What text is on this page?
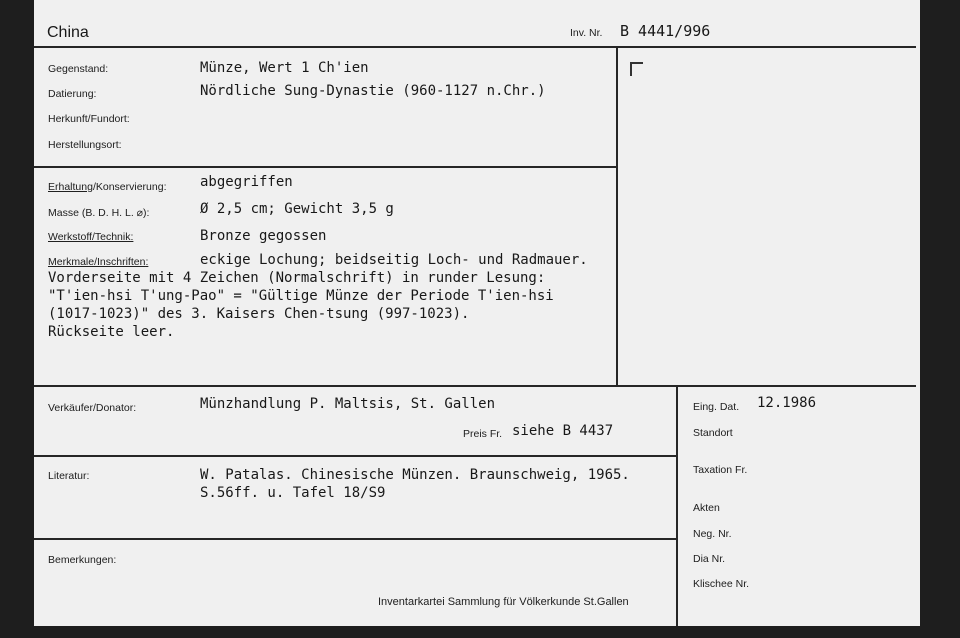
China	Inv. Nr. B 4441/996
Gegenstand:	Münze, Wert 1 Ch'ien
Datierung:	Nördliche Sung-Dynastie (960-1127 n.Chr.)
Herkunft/Fundort:
Herstellungsort:
Erhaltung/Konservierung: abgegriffen
Masse (B. D. H. L. ⌀):	Ø 2,5 cm; Gewicht 3,5 g
Werkstoff/Technik:	Bronze gegossen
Merkmale/Inschriften:	eckige Lochung; beidseitig Loch- und Radmauer.
Vorderseite mit 4 Zeichen (Normalschrift) in runder Lesung:
"T'ien-hsi T'ung-Pao" = "Gültige Münze der Periode T'ien-hsi
(1017-1023)" des 3. Kaisers Chen-tsung (997-1023).
Rückseite leer.
Verkäufer/Donator:	Münzhandlung P. Maltsis, St. Gallen
Preis Fr. siehe B 4437
Literatur:	W. Patalas. Chinesische Münzen. Braunschweig, 1965.
S.56ff. u. Tafel 18/S9
Bemerkungen:
Inventarkartei Sammlung für Völkerkunde St.Gallen
Eing. Dat. 12.1986
Standort
Taxation Fr.
Akten
Neg. Nr.
Dia Nr.
Klischee Nr.
